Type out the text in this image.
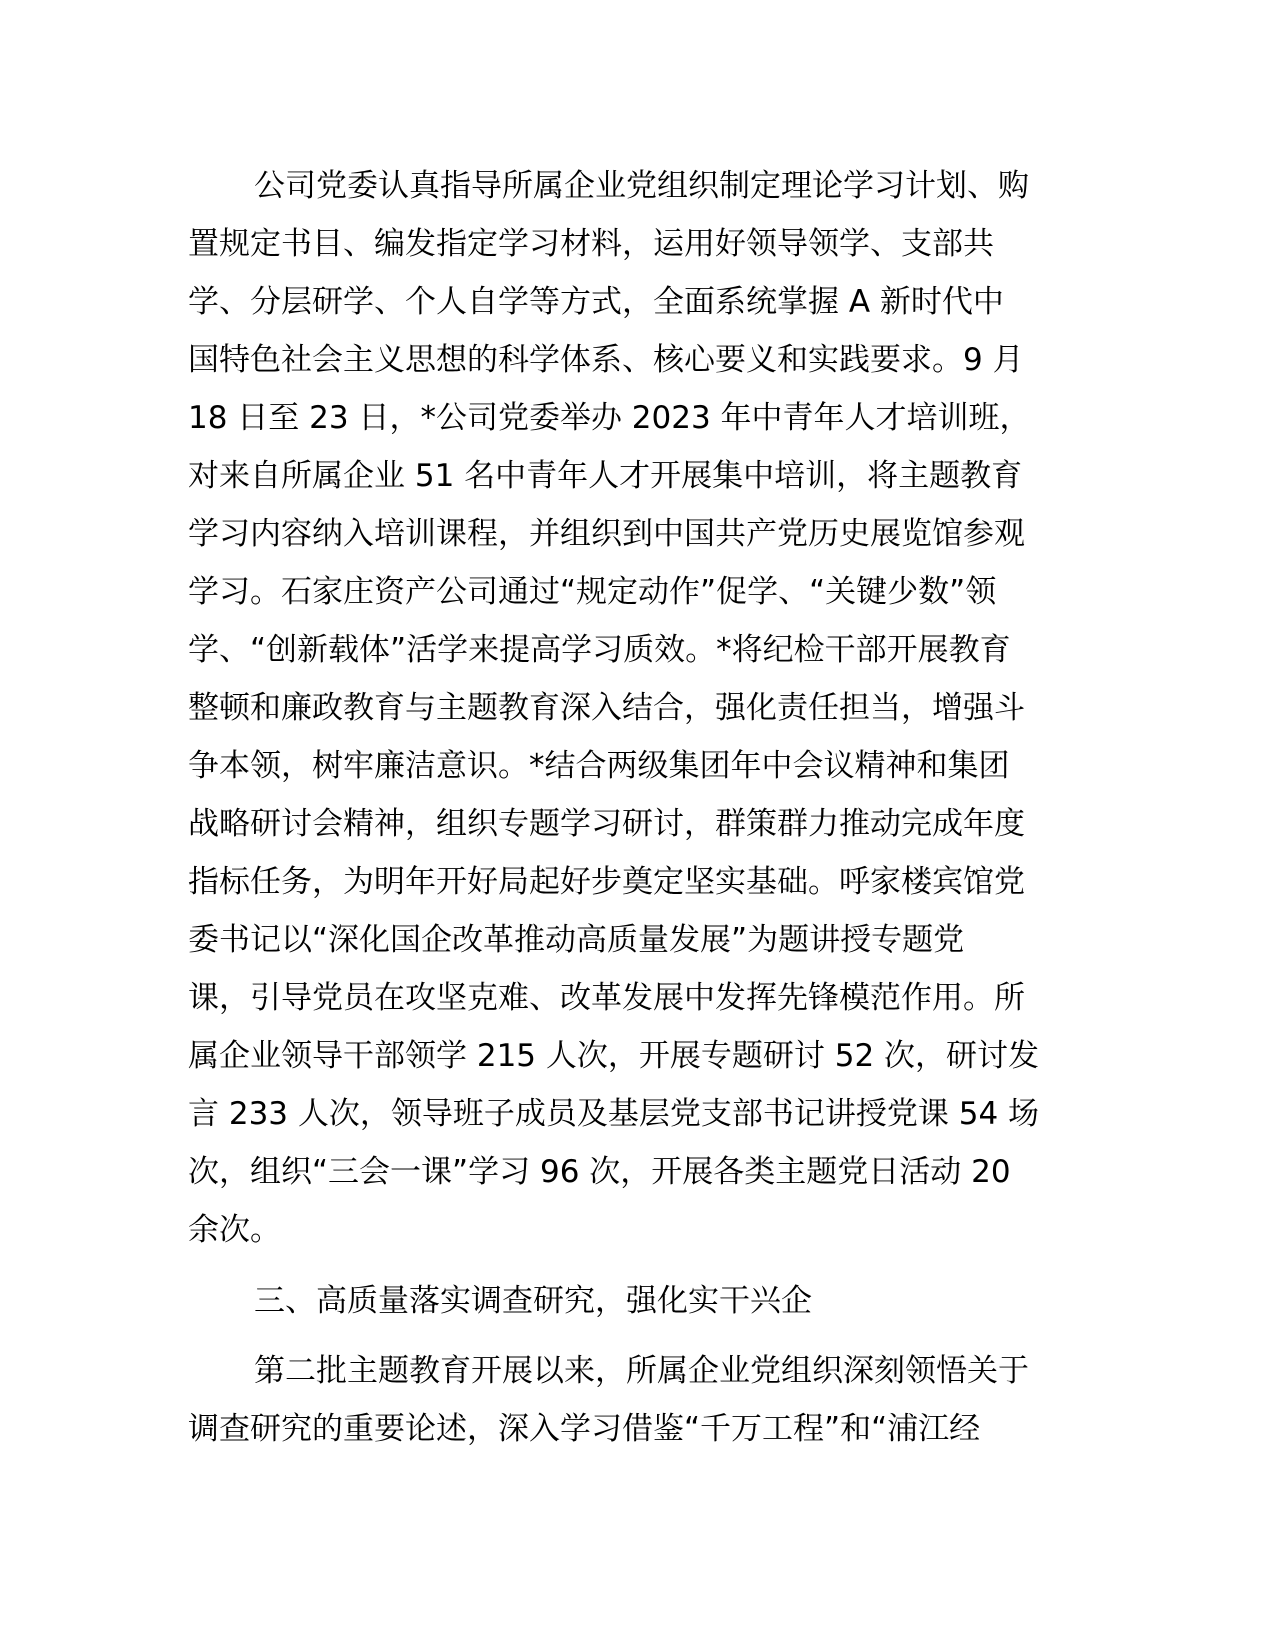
公司党委认真指导所属企业党组织制定理论学习计划、购
置规定书目、编发指定学习材料，运用好领导领学、支部共
学、分层研学、个人自学等方式，全面系统掌握 A 新时代中
国特色社会主义思想的科学体系、核心要义和实践要求。9 月
18 日至 23 日，*公司党委举办 2023 年中青年人才培训班，
对来自所属企业 51 名中青年人才开展集中培训，将主题教育
学习内容纳入培训课程，并组织到中国共产党历史展览馆参观
学习。石家庄资产公司通过“规定动作”促学、“关键少数”领
学、“创新载体”活学来提高学习质效。*将纪检干部开展教育
整顿和廉政教育与主题教育深入结合，强化责任担当，增强斗
争本领，树牢廉洁意识。*结合两级集团年中会议精神和集团
战略研讨会精神，组织专题学习研讨，群策群力推动完成年度
指标任务，为明年开好局起好步奠定坚实基础。呼家楼宾馆党
委书记以“深化国企改革推动高质量发展”为题讲授专题党
课，引导党员在攻坚克难、改革发展中发挥先锋模范作用。所
属企业领导干部领学 215 人次，开展专题研讨 52 次，研讨发
言 233 人次，领导班子成员及基层党支部书记讲授党课 54 场
次，组织“三会一课”学习 96 次，开展各类主题党日活动 20
余次。
三、高质量落实调查研究，强化实干兴企
第二批主题教育开展以来，所属企业党组织深刻领悟关于
调查研究的重要论述，深入学习借鉴“千万工程”和“浦江经
